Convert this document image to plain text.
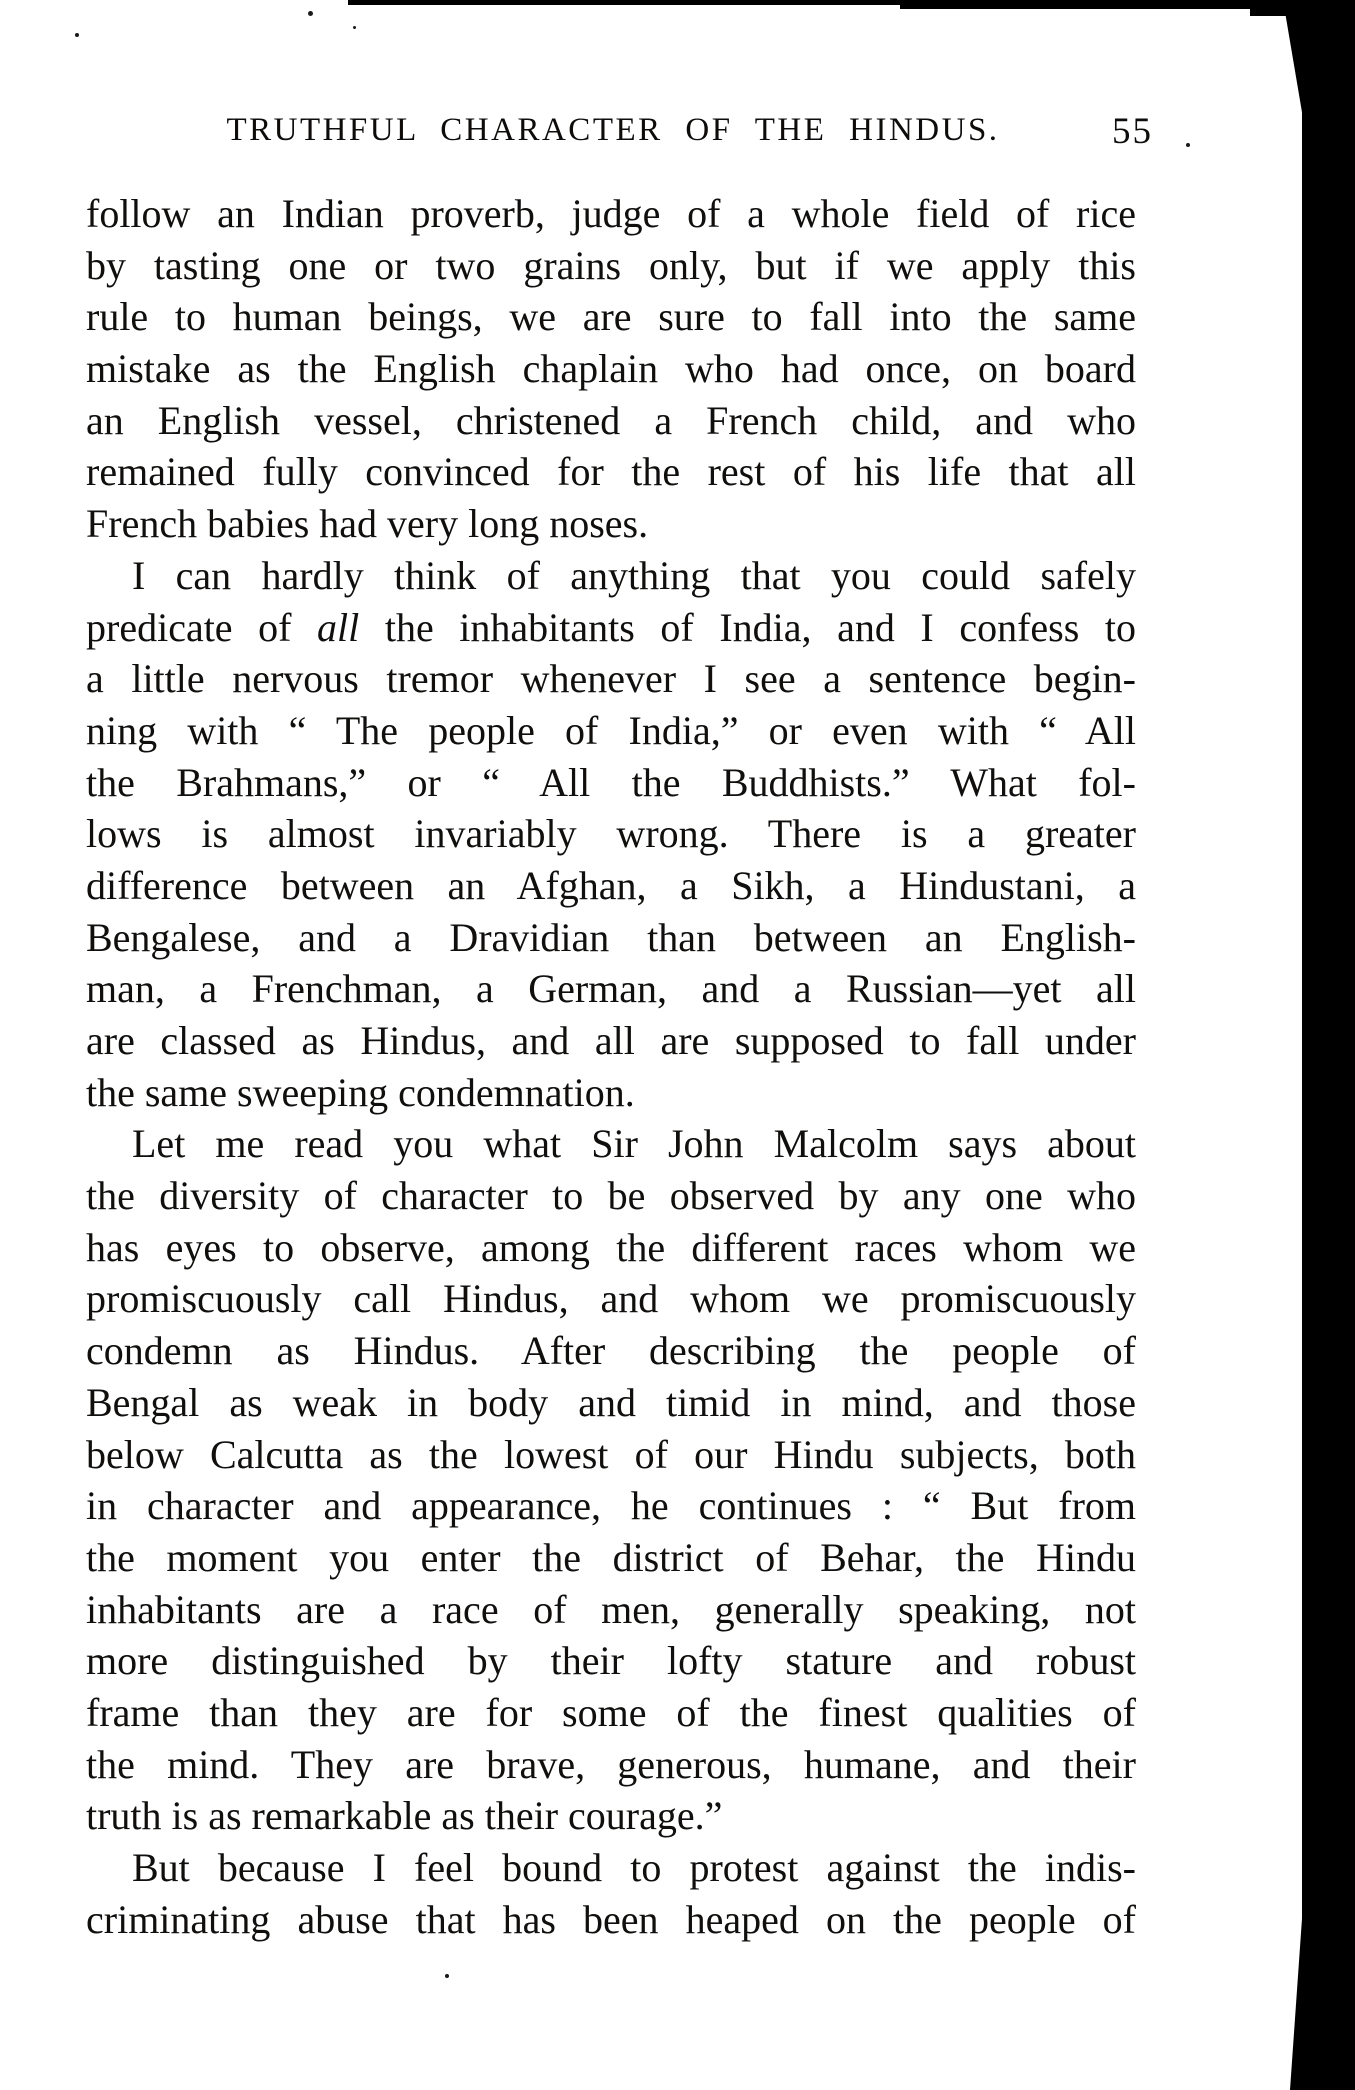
TRUTHFUL CHARACTER OF THE HINDUS.	55
follow an Indian proverb, judge of a whole field of rice
by tasting one or two grains only, but if we apply this
rule to human beings, we are sure to fall into the same
mistake as the English chaplain who had once, on board
an English vessel, christened a French child, and who
remained fully convinced for the rest of his life that all
French babies had very long noses.
I can hardly think of anything that you could safely
predicate of all the inhabitants of India, and I confess to
a little nervous tremor whenever I see a sentence begin-
ning with “ The people of India,” or even with “ All
the Brahmans,” or “ All the Buddhists.” What fol-
lows is almost invariably wrong. There is a greater
difference between an Afghan, a Sikh, a Hindustani, a
Bengalese, and a Dravidian than between an English-
man, a Frenchman, a German, and a Russian—yet all
are classed as Hindus, and all are supposed to fall under
the same sweeping condemnation.
Let me read you what Sir John Malcolm says about
the diversity of character to be observed by any one who
has eyes to observe, among the different races whom we
promiscuously call Hindus, and whom we promiscuously
condemn as Hindus. After describing the people of
Bengal as weak in body and timid in mind, and those
below Calcutta as the lowest of our Hindu subjects, both
in character and appearance, he continues : “ But from
the moment you enter the district of Behar, the Hindu
inhabitants are a race of men, generally speaking, not
more distinguished by their lofty stature and robust
frame than they are for some of the finest qualities of
the mind. They are brave, generous, humane, and their
truth is as remarkable as their courage.”
But because I feel bound to protest against the indis-
criminating abuse that has been heaped on the people of
